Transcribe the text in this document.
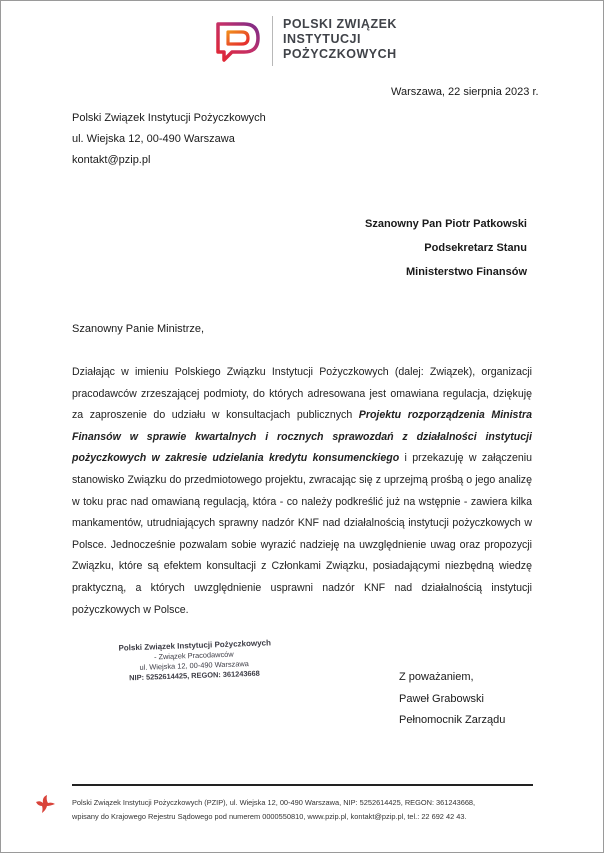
POLSKI ZWIĄZEK
INSTYTUCJI
POŻYCZKOWYCH
Warszawa, 22 sierpnia 2023 r.
Polski Związek Instytucji Pożyczkowych
ul. Wiejska 12, 00-490 Warszawa
kontakt@pzip.pl
Szanowny Pan Piotr Patkowski
Podsekretarz Stanu
Ministerstwo Finansów
Szanowny Panie Ministrze,
Działając w imieniu Polskiego Związku Instytucji Pożyczkowych (dalej: Związek), organizacji pracodawców zrzeszającej podmioty, do których adresowana jest omawiana regulacja, dziękuję za zaproszenie do udziału w konsultacjach publicznych Projektu rozporządzenia Ministra Finansów w sprawie kwartalnych i rocznych sprawozdań z działalności instytucji pożyczkowych w zakresie udzielania kredytu konsumenckiego i przekazuję w załączeniu stanowisko Związku do przedmiotowego projektu, zwracając się z uprzejmą prośbą o jego analizę w toku prac nad omawianą regulacją, która - co należy podkreślić już na wstępnie - zawiera kilka mankamentów, utrudniających sprawny nadzór KNF nad działalnością instytucji pożyczkowych w Polsce. Jednocześnie pozwalam sobie wyrazić nadzieję na uwzględnienie uwag oraz propozycji Związku, które są efektem konsultacji z Członkami Związku, posiadającymi niezbędną wiedzę praktyczną, a których uwzględnienie usprawni nadzór KNF nad działalnością instytucji pożyczkowych w Polsce.
Polski Związek Instytucji Pożyczkowych
- Związek Pracodawców
ul. Wiejska 12, 00-490 Warszawa
NIP: 5252614425, REGON: 361243668	Z poważaniem,
Paweł Grabowski
Pełnomocnik Zarządu
Polski Związek Instytucji Pożyczkowych (PZIP), ul. Wiejska 12, 00-490 Warszawa, NIP: 5252614425, REGON: 361243668,
wpisany do Krajowego Rejestru Sądowego pod numerem 0000550810, www.pzip.pl, kontakt@pzip.pl, tel.: 22 692 42 43.
